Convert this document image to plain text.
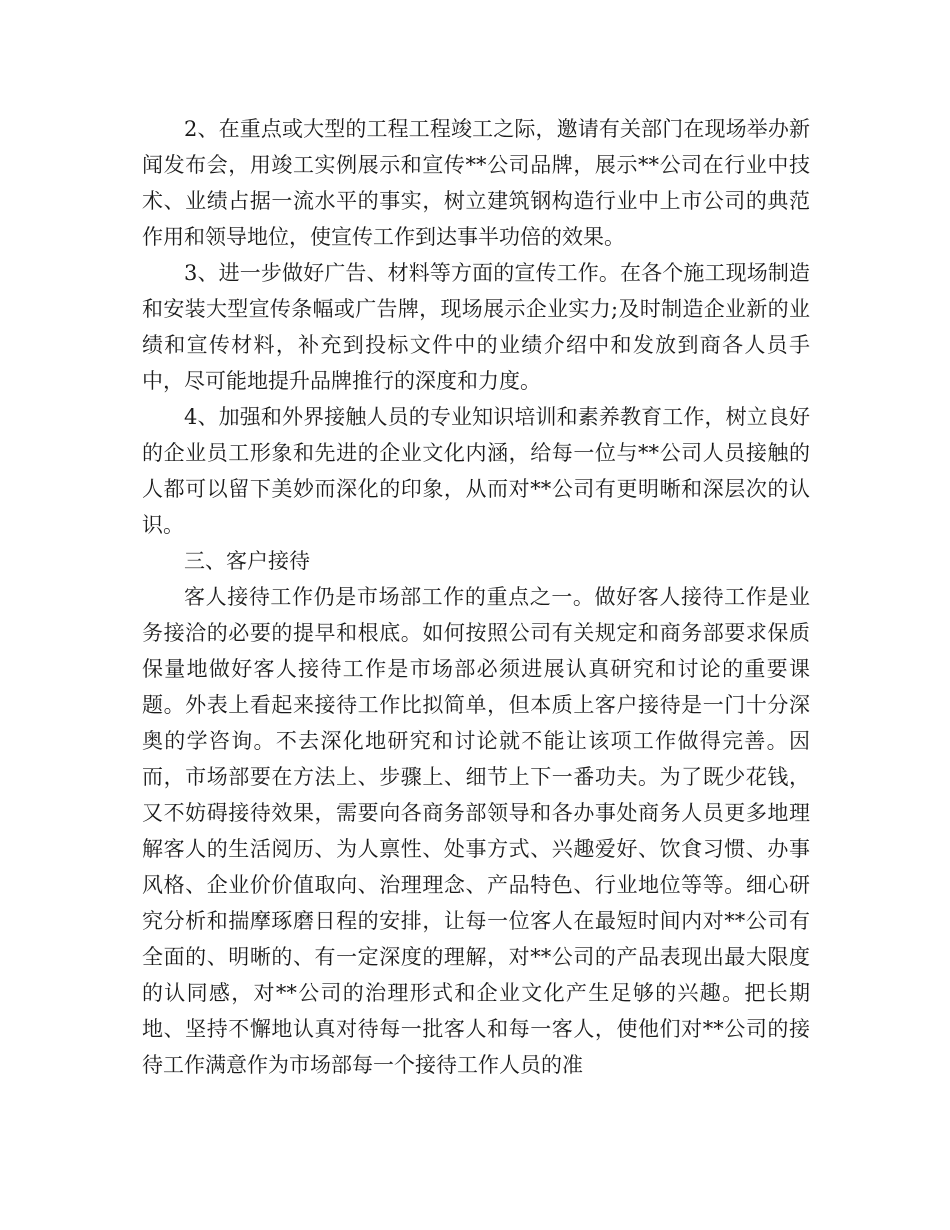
2、在重点或大型的工程工程竣工之际，邀请有关部门在现场举办新闻发布会，用竣工实例展示和宣传**公司品牌，展示**公司在行业中技术、业绩占据一流水平的事实，树立建筑钢构造行业中上市公司的典范作用和领导地位，使宣传工作到达事半功倍的效果。

3、进一步做好广告、材料等方面的宣传工作。在各个施工现场制造和安装大型宣传条幅或广告牌，现场展示企业实力;及时制造企业新的业绩和宣传材料，补充到投标文件中的业绩介绍中和发放到商各人员手中，尽可能地提升品牌推行的深度和力度。

4、加强和外界接触人员的专业知识培训和素养教育工作，树立良好的企业员工形象和先进的企业文化内涵，给每一位与**公司人员接触的人都可以留下美妙而深化的印象，从而对**公司有更明晰和深层次的认识。

三、客户接待

客人接待工作仍是市场部工作的重点之一。做好客人接待工作是业务接洽的必要的提早和根底。如何按照公司有关规定和商务部要求保质保量地做好客人接待工作是市场部必须进展认真研究和讨论的重要课题。外表上看起来接待工作比拟简单，但本质上客户接待是一门十分深奥的学咨询。不去深化地研究和讨论就不能让该项工作做得完善。因而，市场部要在方法上、步骤上、细节上下一番功夫。为了既少花钱，又不妨碍接待效果，需要向各商务部领导和各办事处商务人员更多地理解客人的生活阅历、为人禀性、处事方式、兴趣爱好、饮食习惯、办事风格、企业价价值取向、治理理念、产品特色、行业地位等等。细心研究分析和揣摩琢磨日程的安排，让每一位客人在最短时间内对**公司有全面的、明晰的、有一定深度的理解，对**公司的产品表现出最大限度的认同感，对**公司的治理形式和企业文化产生足够的兴趣。把长期地、坚持不懈地认真对待每一批客人和每一客人，使他们对**公司的接待工作满意作为市场部每一个接待工作人员的准
